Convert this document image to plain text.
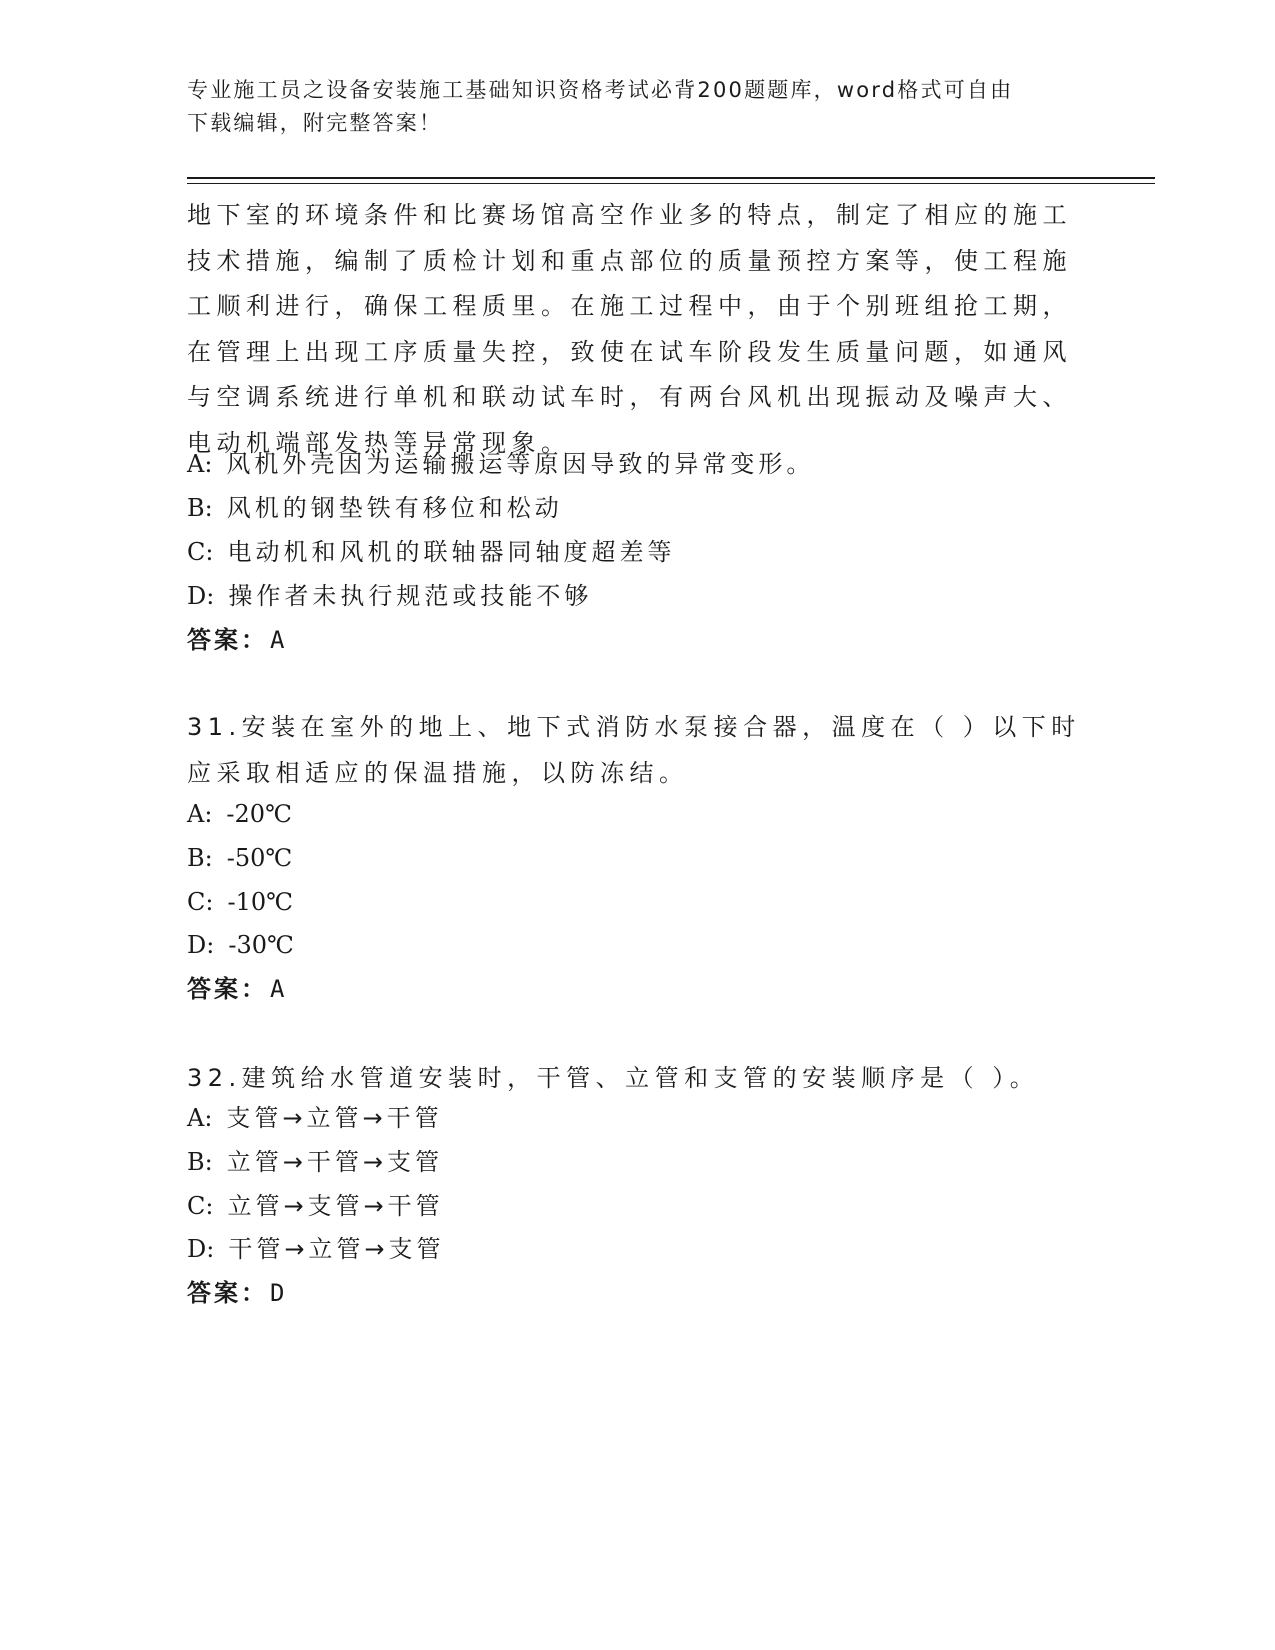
专业施工员之设备安装施工基础知识资格考试必背200题题库，word格式可自由
下载编辑，附完整答案！
地下室的环境条件和比赛场馆高空作业多的特点，制定了相应的施工
技术措施，编制了质检计划和重点部位的质量预控方案等，使工程施
工顺利进行，确保工程质里。在施工过程中，由于个别班组抢工期，
在管理上出现工序质量失控，致使在试车阶段发生质量问题，如通风
与空调系统进行单机和联动试车时，有两台风机出现振动及噪声大、
电动机端部发热等异常现象。
A: 风机外壳因为运输搬运等原因导致的异常变形。
B: 风机的钢垫铁有移位和松动
C: 电动机和风机的联轴器同轴度超差等
D: 操作者未执行规范或技能不够
答案：A
31.安装在室外的地上、地下式消防水泵接合器，温度在（ ）以下时
应采取相适应的保温措施，以防冻结。
A: -20℃
B: -50℃
C: -10℃
D: -30℃
答案：A
32.建筑给水管道安装时，干管、立管和支管的安装顺序是（ ）。
A: 支管→立管→干管
B: 立管→干管→支管
C: 立管→支管→干管
D: 干管→立管→支管
答案：D
